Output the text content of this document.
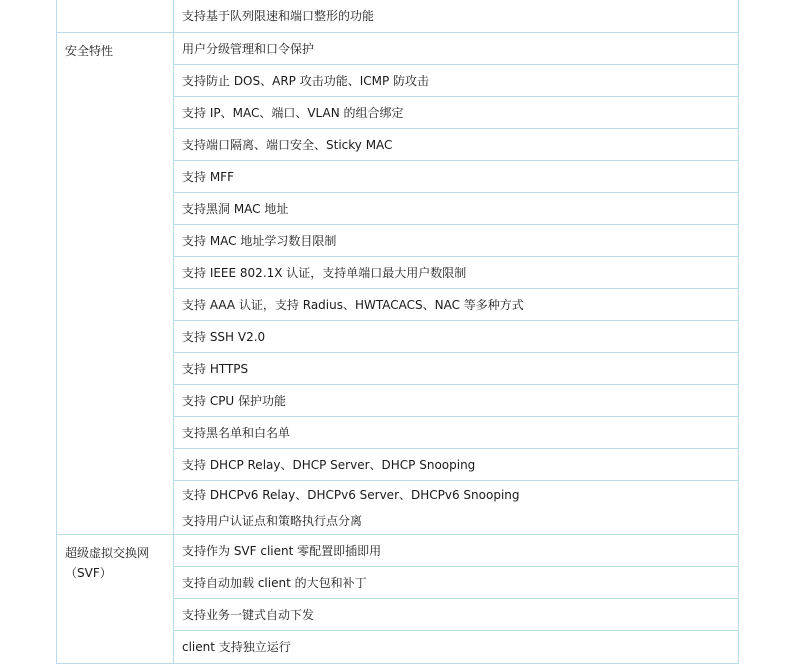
	支持基于队列限速和端口整形的功能
安全特性	用户分级管理和口令保护
	支持防止 DOS、ARP 攻击功能、ICMP 防攻击
	支持 IP、MAC、端口、VLAN 的组合绑定
	支持端口隔离、端口安全、Sticky MAC
	支持 MFF
	支持黑洞 MAC 地址
	支持 MAC 地址学习数目限制
	支持 IEEE 802.1X 认证，支持单端口最大用户数限制
	支持 AAA 认证，支持 Radius、HWTACACS、NAC 等多种方式
	支持 SSH V2.0
	支持 HTTPS
	支持 CPU 保护功能
	支持黑名单和白名单
	支持 DHCP Relay、DHCP Server、DHCP Snooping

	支持 DHCPv6 Relay、DHCPv6 Server、DHCPv6 Snooping
支持用户认证点和策略执行点分离

超级虚拟交换网
（SVF）	支持作为 SVF client 零配置即插即用
	支持自动加载 client 的大包和补丁
	支持业务一键式自动下发
	client 支持独立运行
